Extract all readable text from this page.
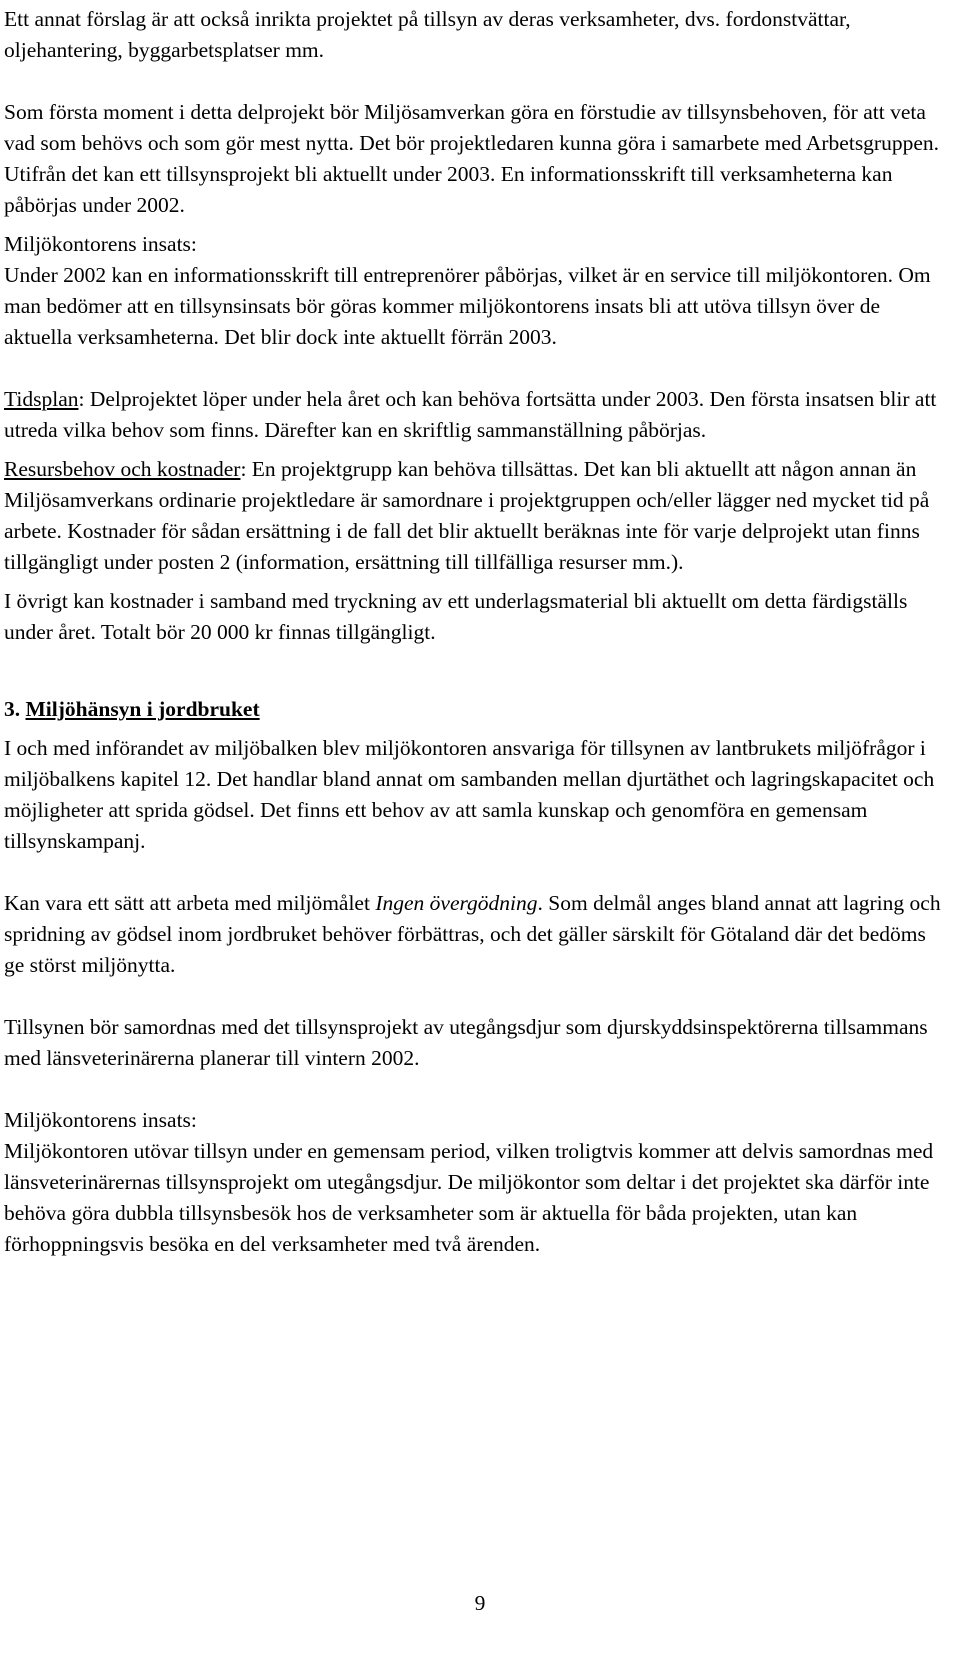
Ett annat förslag är att också inrikta projektet på tillsyn av deras verksamheter, dvs. fordonstvättar, oljehantering, byggarbetsplatser mm.

Som första moment i detta delprojekt bör Miljösamverkan göra en förstudie av tillsynsbehoven, för att veta vad som behövs och som gör mest nytta. Det bör projektledaren kunna göra i samarbete med Arbetsgruppen. Utifrån det kan ett tillsynsprojekt bli aktuellt under 2003. En informationsskrift till verksamheterna kan påbörjas under 2002.

Miljökontorens insats:

Under 2002 kan en informationsskrift till entreprenörer påbörjas, vilket är en service till miljökontoren. Om man bedömer att en tillsynsinsats bör göras kommer miljökontorens insats bli att utöva tillsyn över de aktuella verksamheterna. Det blir dock inte aktuellt förrän 2003.

Tidsplan: Delprojektet löper under hela året och kan behöva fortsätta under 2003. Den första insatsen blir att utreda vilka behov som finns. Därefter kan en skriftlig sammanställning påbörjas.

Resursbehov och kostnader: En projektgrupp kan behöva tillsättas. Det kan bli aktuellt att någon annan än Miljösamverkans ordinarie projektledare är samordnare i projektgruppen och/eller lägger ned mycket tid på arbete. Kostnader för sådan ersättning i de fall det blir aktuellt beräknas inte för varje delprojekt utan finns tillgängligt under posten 2 (information, ersättning till tillfälliga resurser mm.).

I övrigt kan kostnader i samband med tryckning av ett underlagsmaterial bli aktuellt om detta färdigställs under året. Totalt bör 20 000 kr finnas tillgängligt.

3. Miljöhänsyn i jordbruket

I och med införandet av miljöbalken blev miljökontoren ansvariga för tillsynen av lantbrukets miljöfrågor i miljöbalkens kapitel 12. Det handlar bland annat om sambanden mellan djurtäthet och lagringskapacitet och möjligheter att sprida gödsel. Det finns ett behov av att samla kunskap och genomföra en gemensam tillsynskampanj.

Kan vara ett sätt att arbeta med miljömålet Ingen övergödning. Som delmål anges bland annat att lagring och spridning av gödsel inom jordbruket behöver förbättras, och det gäller särskilt för Götaland där det bedöms ge störst miljönytta.

Tillsynen bör samordnas med det tillsynsprojekt av utegångsdjur som djurskyddsinspektörerna tillsammans med länsveterinärerna planerar till vintern 2002.

Miljökontorens insats:

Miljökontoren utövar tillsyn under en gemensam period, vilken troligtvis kommer att delvis samordnas med länsveterinärernas tillsynsprojekt om utegångsdjur. De miljökontor som deltar i det projektet ska därför inte behöva göra dubbla tillsynsbesök hos de verksamheter som är aktuella för båda projekten, utan kan förhoppningsvis besöka en del verksamheter med två ärenden.

9
